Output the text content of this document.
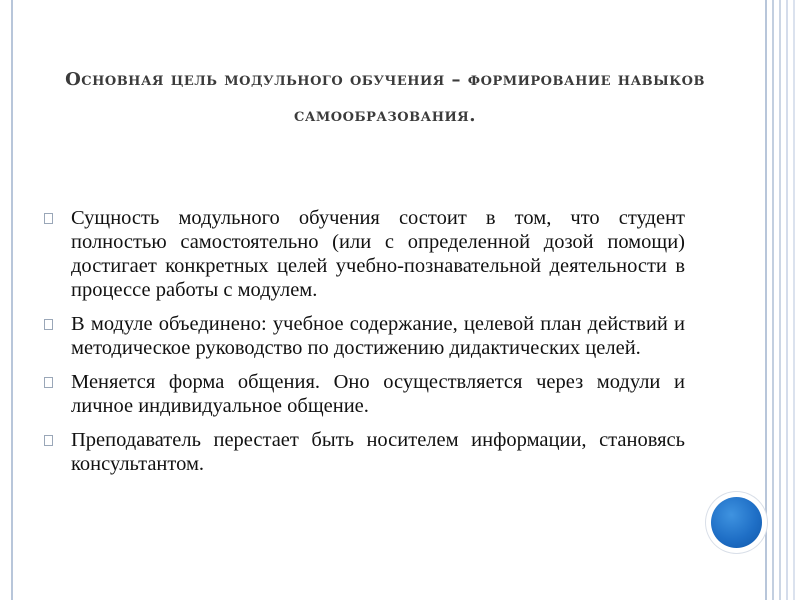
Основная цель модульного обучения – формирование навыков самообразования.
Сущность модульного обучения состоит в том, что студент полностью самостоятельно (или с определенной дозой помощи) достигает конкретных целей учебно-познавательной деятельности в процессе работы с модулем.
В модуле объединено: учебное содержание, целевой план действий и методическое руководство по достижению дидактических целей.
Меняется форма общения. Оно осуществляется через модули и личное индивидуальное общение.
Преподаватель перестает быть носителем информации, становясь консультантом.
